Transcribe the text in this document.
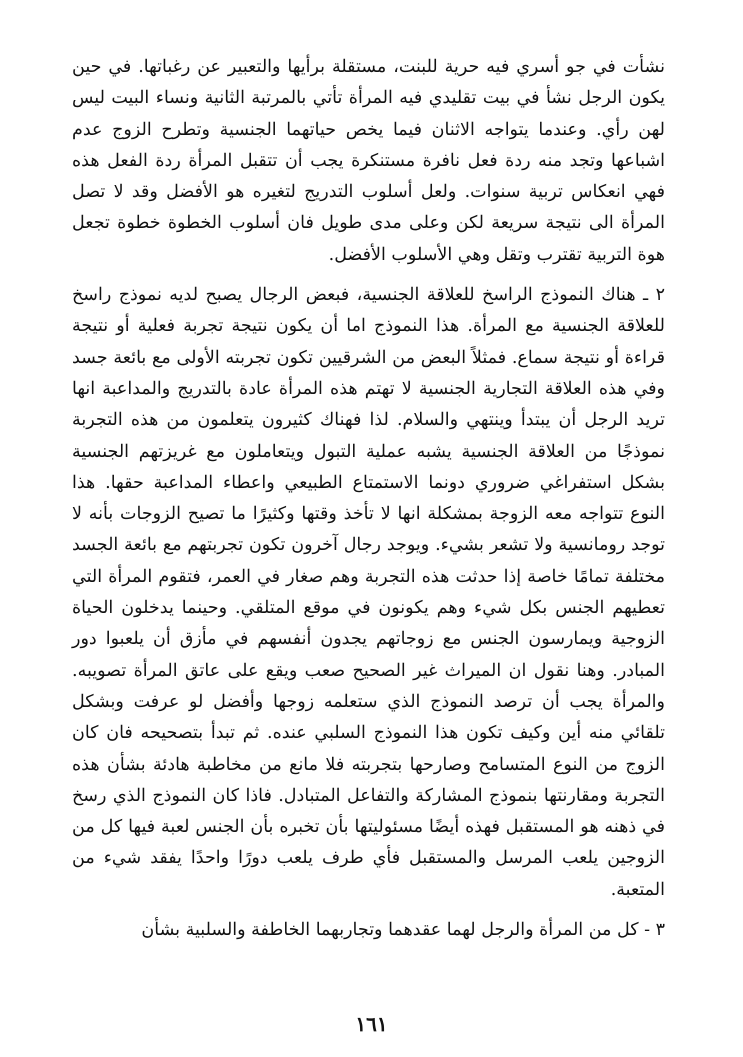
نشأت في جو أسري فيه حرية للبنت، مستقلة برأيها والتعبير عن رغباتها. في حين يكون الرجل نشأ في بيت تقليدي فيه المرأة تأتي بالمرتبة الثانية ونساء البيت ليس لهن رأي. وعندما يتواجه الاثنان فيما يخص حياتهما الجنسية وتطرح الزوج عدم اشباعها وتجد منه ردة فعل نافرة مستنكرة يجب أن تتقبل المرأة ردة الفعل هذه فهي انعكاس تربية سنوات. ولعل أسلوب التدريج لتغيره هو الأفضل وقد لا تصل المرأة الى نتيجة سريعة لكن وعلى مدى طويل فان أسلوب الخطوة خطوة تجعل هوة التربية تقترب وتقل وهي الأسلوب الأفضل.

٢ ـ هناك النموذج الراسخ للعلاقة الجنسية، فبعض الرجال يصبح لديه نموذج راسخ للعلاقة الجنسية مع المرأة. هذا النموذج اما أن يكون نتيجة تجربة فعلية أو نتيجة قراءة أو نتيجة سماع. فمثلاً البعض من الشرقيين تكون تجربته الأولى مع بائعة جسد وفي هذه العلاقة التجارية الجنسية لا تهتم هذه المرأة عادة بالتدريج والمداعبة انها تريد الرجل أن يبتدأ وينتهي والسلام. لذا فهناك كثيرون يتعلمون من هذه التجربة نموذجًا من العلاقة الجنسية يشبه عملية التبول ويتعاملون مع غريزتهم الجنسية بشكل استفراغي ضروري دونما الاستمتاع الطبيعي واعطاء المداعبة حقها. هذا النوع تتواجه معه الزوجة بمشكلة انها لا تأخذ وقتها وكثيرًا ما تصيح الزوجات بأنه لا توجد رومانسية ولا تشعر بشيء. ويوجد رجال آخرون تكون تجربتهم مع بائعة الجسد مختلفة تمامًا خاصة إذا حدثت هذه التجربة وهم صغار في العمر، فتقوم المرأة التي تعطيهم الجنس بكل شيء وهم يكونون في موقع المتلقي. وحينما يدخلون الحياة الزوجية ويمارسون الجنس مع زوجاتهم يجدون أنفسهم في مأزق أن يلعبوا دور المبادر. وهنا نقول ان الميراث غير الصحيح صعب ويقع على عاتق المرأة تصويبه. والمرأة يجب أن ترصد النموذج الذي ستعلمه زوجها وأفضل لو عرفت وبشكل تلقائي منه أين وكيف تكون هذا النموذج السلبي عنده. ثم تبدأ بتصحيحه فان كان الزوج من النوع المتسامح وصارحها بتجربته فلا مانع من مخاطبة هادئة بشأن هذه التجربة ومقارنتها بنموذج المشاركة والتفاعل المتبادل. فاذا كان النموذج الذي رسخ في ذهنه هو المستقبل فهذه أيضًا مسئوليتها بأن تخبره بأن الجنس لعبة فيها كل من الزوجين يلعب المرسل والمستقبل فأي طرف يلعب دورًا واحدًا يفقد شيء من المتعبة.

٣ - كل من المرأة والرجل لهما عقدهما وتجاربهما الخاطفة والسلبية بشأن

١٦١
